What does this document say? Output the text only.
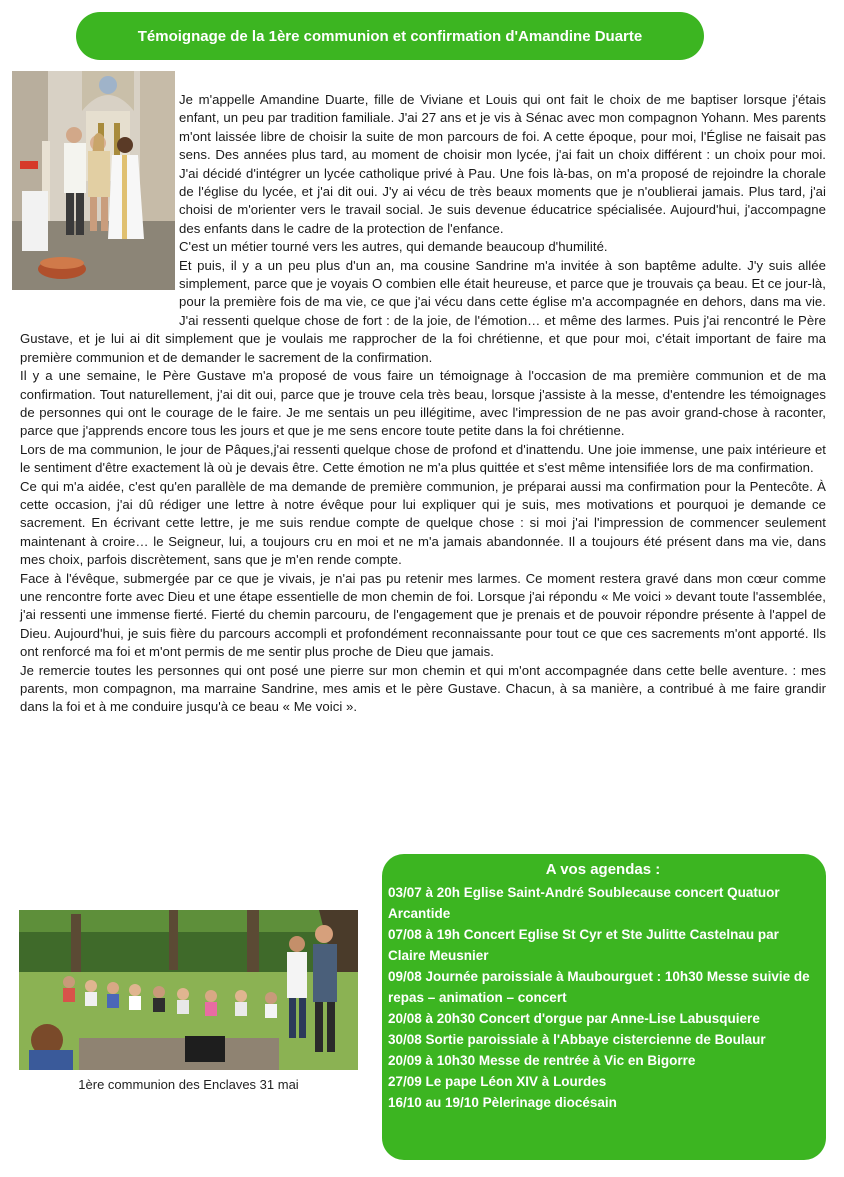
Témoignage de la 1ère communion et confirmation d'Amandine Duarte

Je m'appelle Amandine Duarte, fille de Viviane et Louis qui ont fait le choix de me baptiser lorsque j'étais enfant, un peu par tradition familiale. J'ai 27 ans et je vis à Sénac avec mon compagnon Yohann. Mes parents m'ont laissée libre de choisir la suite de mon parcours de foi. A cette époque, pour moi, l'Église ne faisait pas sens. Des années plus tard, au moment de choisir mon lycée, j'ai fait un choix différent : un choix pour moi. J'ai décidé d'intégrer un lycée catholique privé à Pau. Une fois là-bas, on m'a proposé de rejoindre la chorale de l'église du lycée, et j'ai dit oui. J'y ai vécu de très beaux moments que je n'oublierai jamais. Plus tard, j'ai choisi de m'orienter vers le travail social. Je suis devenue éducatrice spécialisée. Aujourd'hui, j'accompagne des enfants dans le cadre de la protection de l'enfance.

C'est un métier tourné vers les autres, qui demande beaucoup d'humilité.

Et puis, il y a un peu plus d'un an, ma cousine Sandrine m'a invitée à son baptême adulte. J'y suis allée simplement, parce que je voyais O combien elle était heureuse, et parce que je trouvais ça beau. Et ce jour-là, pour la première fois de ma vie, ce que j'ai vécu dans cette église m'a accompagnée en dehors, dans ma vie. J'ai ressenti quelque chose de fort : de la joie, de l'émotion… et même des larmes. Puis j'ai rencontré le Père Gustave, et je lui ai dit simplement que je voulais me rapprocher de la foi chrétienne, et que pour moi, c'était important de faire ma première communion et de demander le sacrement de la confirmation.

Il y a une semaine, le Père Gustave m'a proposé de vous faire un témoignage à l'occasion de ma première communion et de ma confirmation. Tout naturellement, j'ai dit oui, parce que je trouve cela très beau, lorsque j'assiste à la messe, d'entendre les témoignages de personnes qui ont le courage de le faire. Je me sentais un peu illégitime, avec l'impression de ne pas avoir grand-chose à raconter, parce que j'apprends encore tous les jours et que je me sens encore toute petite dans la foi chrétienne.

Lors de ma communion, le jour de Pâques,j'ai ressenti quelque chose de profond et d'inattendu. Une joie immense, une paix intérieure et le sentiment d'être exactement là où je devais être. Cette émotion ne m'a plus quittée et s'est même intensifiée lors de ma confirmation.

Ce qui m'a aidée, c'est qu'en parallèle de ma demande de première communion, je préparai aussi ma confirmation pour la Pentecôte. À cette occasion, j'ai dû rédiger une lettre à notre évêque pour lui expliquer qui je suis, mes motivations et pourquoi je demande ce sacrement. En écrivant cette lettre, je me suis rendue compte de quelque chose : si moi j'ai l'impression de commencer seulement maintenant à croire… le Seigneur, lui, a toujours cru en moi et ne m'a jamais abandonnée. Il a toujours été présent dans ma vie, dans mes choix, parfois discrètement, sans que je m'en rende compte.

Face à l'évêque, submergée par ce que je vivais, je n'ai pas pu retenir mes larmes. Ce moment restera gravé dans mon cœur comme une rencontre forte avec Dieu et une étape essentielle de mon chemin de foi. Lorsque j'ai répondu « Me voici » devant toute l'assemblée, j'ai ressenti une immense fierté. Fierté du chemin parcouru, de l'engagement que je prenais et de pouvoir répondre présente à l'appel de Dieu. Aujourd'hui, je suis fière du parcours accompli et profondément reconnaissante pour tout ce que ces sacrements m'ont apporté. Ils ont renforcé ma foi et m'ont permis de me sentir plus proche de Dieu que jamais.

Je remercie toutes les personnes qui ont posé une pierre sur mon chemin et qui m'ont accompagnée dans cette belle aventure. : mes parents, mon compagnon, ma marraine Sandrine, mes amis et le père Gustave. Chacun, à sa manière, a contribué à me faire grandir dans la foi et à me conduire jusqu'à ce beau « Me voici ».

1ère communion des Enclaves 31 mai
A vos agendas :
03/07 à 20h Eglise Saint-André Soublecause concert Quatuor Arcantide
07/08 à 19h Concert Eglise St Cyr et Ste Julitte Castelnau par Claire Meusnier
09/08 Journée paroissiale à Maubourguet : 10h30 Messe suivie de repas – animation – concert
20/08 à 20h30 Concert d'orgue par Anne-Lise Labusquiere
30/08 Sortie paroissiale à l'Abbaye cistercienne de Boulaur
20/09 à 10h30 Messe de rentrée à Vic en Bigorre
27/09 Le pape Léon XIV à Lourdes
16/10 au 19/10 Pèlerinage diocésain
